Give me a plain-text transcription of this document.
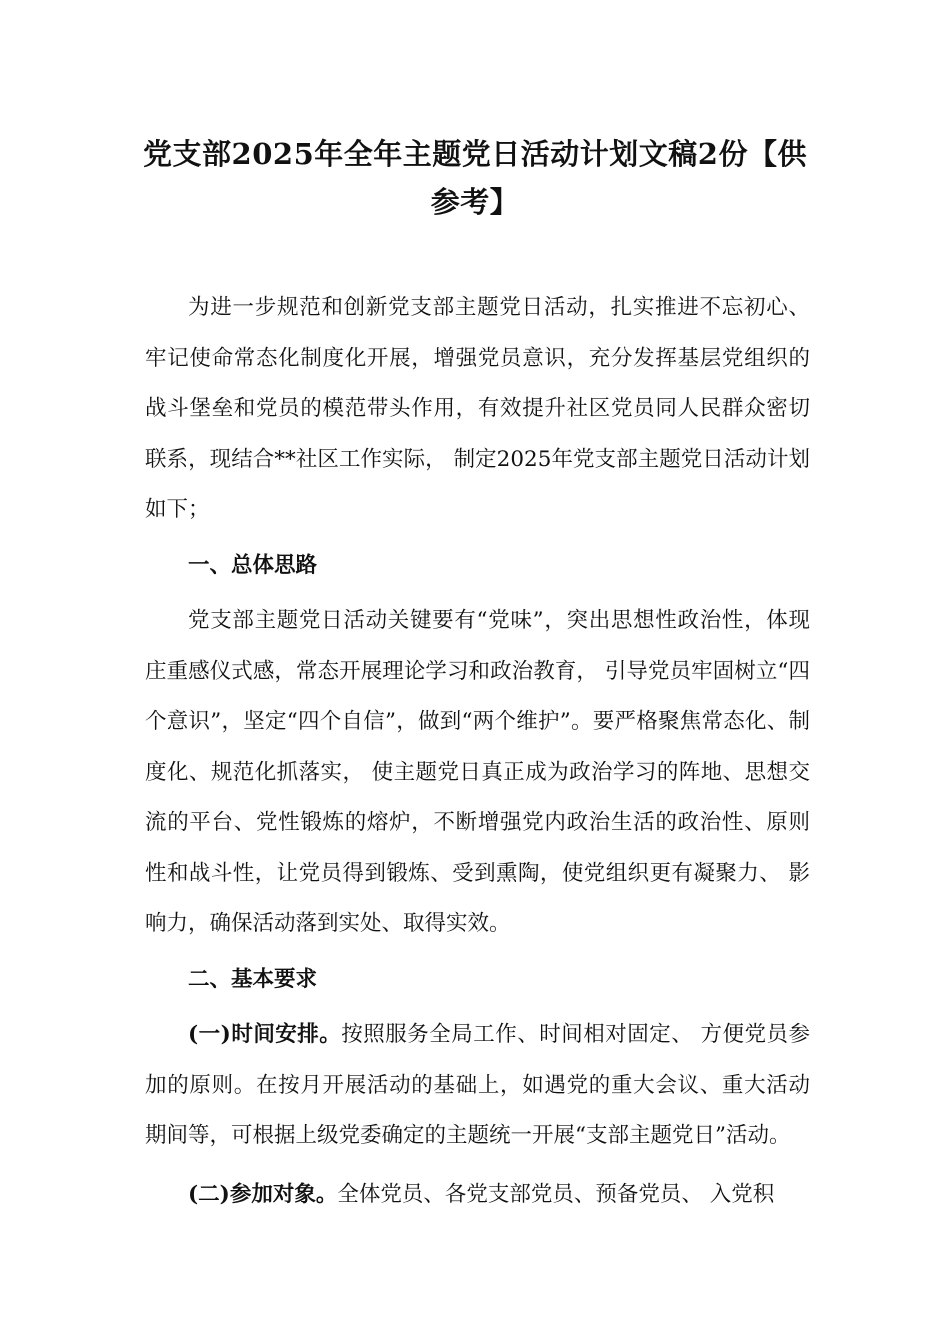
党支部2025年全年主题党日活动计划文稿2份【供
参考】

为进一步规范和创新党支部主题党日活动，扎实推进不忘初心、牢记使命常态化制度化开展，增强党员意识，充分发挥基层党组织的战斗堡垒和党员的模范带头作用，有效提升社区党员同人民群众密切联系，现结合**社区工作实际， 制定2025年党支部主题党日活动计划如下；

一、总体思路

党支部主题党日活动关键要有“党味”，突出思想性政治性，体现庄重感仪式感，常态开展理论学习和政治教育， 引导党员牢固树立“四个意识”，坚定“四个自信”，做到“两个维护”。要严格聚焦常态化、制度化、规范化抓落实， 使主题党日真正成为政治学习的阵地、思想交流的平台、党性锻炼的熔炉，不断增强党内政治生活的政治性、原则性和战斗性，让党员得到锻炼、受到熏陶，使党组织更有凝聚力、 影响力，确保活动落到实处、取得实效。

二、基本要求

(一)时间安排。按照服务全局工作、时间相对固定、 方便党员参加的原则。在按月开展活动的基础上，如遇党的重大会议、重大活动期间等，可根据上级党委确定的主题统一开展“支部主题党日”活动。

(二)参加对象。全体党员、各党支部党员、预备党员、 入党积
